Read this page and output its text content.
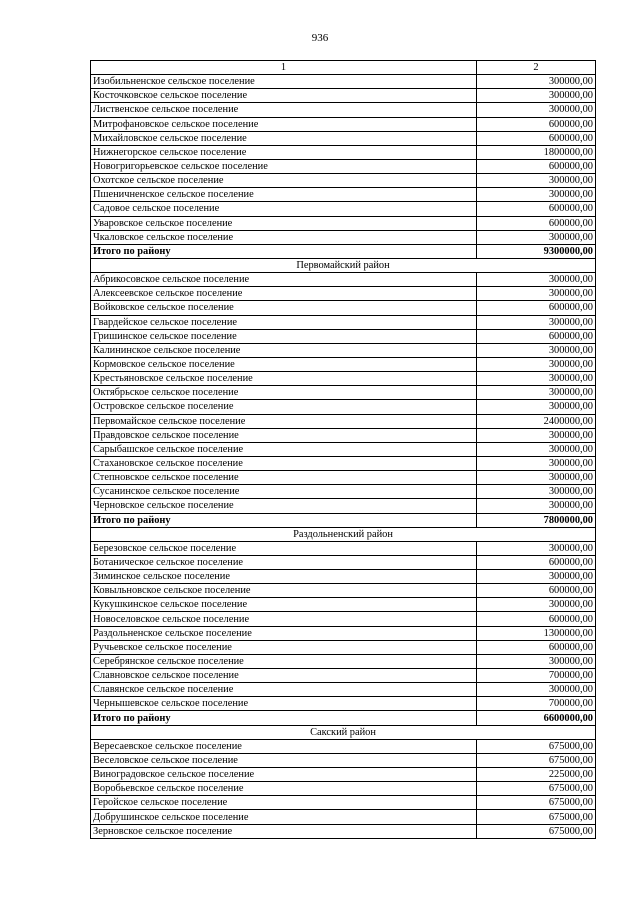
936
1	2
Изобильненское сельское поселение	300000,00
Косточковское сельское поселение	300000,00
Лиственское сельское поселение	300000,00
Митрофановское сельское поселение	600000,00
Михайловское сельское поселение	600000,00
Нижнегорское сельское поселение	1800000,00
Новогригорьевское сельское поселение	600000,00
Охотское сельское поселение	300000,00
Пшеничненское сельское поселение	300000,00
Садовое сельское поселение	600000,00
Уваровское сельское поселение	600000,00
Чкаловское сельское поселение	300000,00
Итого по району	9300000,00
Первомайский район	
Абрикосовское сельское поселение	300000,00
Алексеевское сельское поселение	300000,00
Войковское сельское поселение	600000,00
Гвардейское сельское поселение	300000,00
Гришинское сельское поселение	600000,00
Калининское сельское поселение	300000,00
Кормовское сельское поселение	300000,00
Крестьяновское сельское поселение	300000,00
Октябрьское сельское поселение	300000,00
Островское сельское поселение	300000,00
Первомайское сельское поселение	2400000,00
Правдовское сельское поселение	300000,00
Сарыбашское сельское поселение	300000,00
Стахановское сельское поселение	300000,00
Степновское сельское поселение	300000,00
Сусанинское сельское поселение	300000,00
Черновское сельское поселение	300000,00
Итого по району	7800000,00
Раздольненский район	
Березовское сельское поселение	300000,00
Ботаническое сельское поселение	600000,00
Зиминское сельское поселение	300000,00
Ковыльновское сельское поселение	600000,00
Кукушкинское сельское поселение	300000,00
Новоселовское сельское поселение	600000,00
Раздольненское сельское поселение	1300000,00
Ручьевское сельское поселение	600000,00
Серебрянское сельское поселение	300000,00
Славновское сельское поселение	700000,00
Славянское сельское поселение	300000,00
Чернышевское сельское поселение	700000,00
Итого по району	6600000,00
Сакский район	
Вересаевское сельское поселение	675000,00
Веселовское сельское поселение	675000,00
Виноградовское сельское поселение	225000,00
Воробьевское сельское поселение	675000,00
Геройское сельское поселение	675000,00
Добрушинское сельское поселение	675000,00
Зерновское сельское поселение	675000,00
